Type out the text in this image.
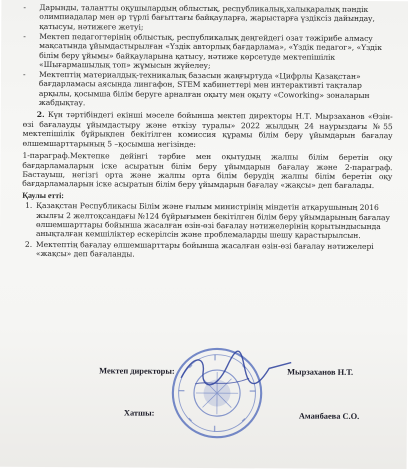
- Дарынды, талантты оқушылардың облыстық, республикалық,халықаралық пәндік олимпиадалар мен әр түрлі бағыттағы байқауларға, жарыстарға үздіксіз дайындау, қатысуы, нәтижеге жетуі;
- Мектеп педагогтерінің облыстық, республикалық деңгейдегі озат тәжірибе алмасу мақсатында ұйымдастырылған «Үздік авторлық бағдарлама», «Үздік педагог», «Үздік білім беру ұйымы» байқауларына қатысу, нәтиже көрсетуде мектепішілік «Шығармашылық топ» жұмысын жүйелеу;
- Мектептің материалдық-техникалық базасын жаңғыртуда «Цифрлы Қазақстан» бағдарламасы аясында лингафон, STEM кабинеттері мен интерактивті тақталар арқылы, қосымша білім беруге арналған оқыту мен оқыту «Coworking» зоналарын жабдықтау.

2. Күн тәртібіндегі екінші мәселе бойынша мектеп директоры Н.Т. Мырзаханов «Өзін-өзі бағалауды ұйымдастыру және өткізу туралы» 2022 жылдың 24 наурыздағы №55 мектепішілік бұйрықпен бекітілген комиссия құрамы білім беру ұйымдарын бағалау өлшемшарттарының 5 –қосымша негізінде:

1-параграф.Мектепке дейінгі тәрбие мен оқытудың жалпы білім беретін оқу бағдарламаларын іске асыратын білім беру ұйымдарын бағалау және 2-параграф. Бастауыш, негізгі орта және жалпы орта білім берудің жалпы білім беретін оқу бағдарламаларын іске асыратын білім беру ұйымдарын бағалау «жақсы» деп бағалады.

Қаулы етті:

1. Қазақстан Республикасы Білім және ғылым министрінің міндетін атқарушының 2016 жылғы 2 желтоқсандағы №124 бұйрығымен бекітілген білім беру ұйымдарының бағалау өлшемшарттары бойынша жасалған өзін-өзі бағалау нәтижелерінің қорытындысында анықталған кемшіліктер ескерілсін және проблемаларды шешу қарастырылсын.
2. Мектептің бағалау өлшемшарттары бойынша жасалған өзін-өзі бағалау нәтижелері «жақсы» деп бағаланды.
Мектеп директоры:	Мырзаханов Н.Т.
Хатшы:	Аманбаева С.О.
